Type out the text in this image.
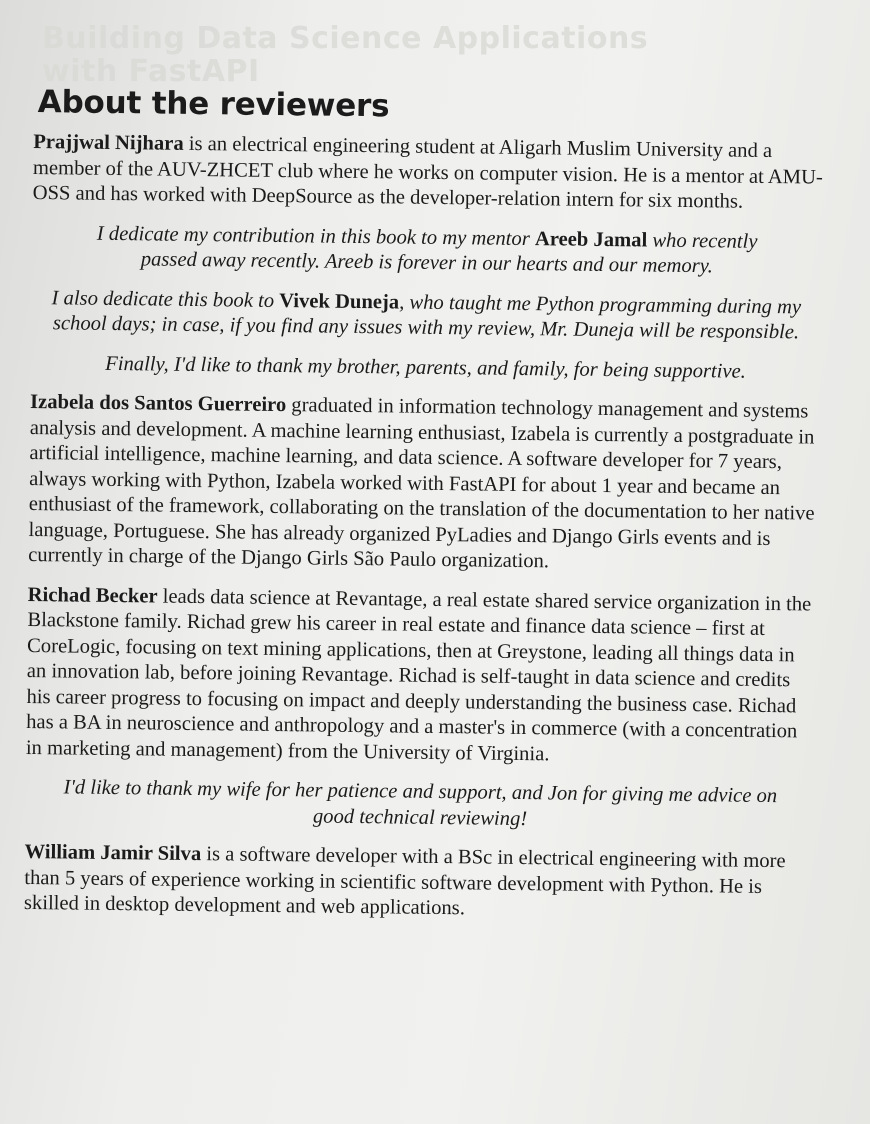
Building Data Science Applications
with FastAPI
About the reviewers

Prajjwal Nijhara is an electrical engineering student at Aligarh Muslim University and a member of the AUV-ZHCET club where he works on computer vision. He is a mentor at AMU-OSS and has worked with DeepSource as the developer-relation intern for six months.

I dedicate my contribution in this book to my mentor Areeb Jamal who recently passed away recently. Areeb is forever in our hearts and our memory.

I also dedicate this book to Vivek Duneja, who taught me Python programming during my school days; in case, if you find any issues with my review, Mr. Duneja will be responsible.

Finally, I'd like to thank my brother, parents, and family, for being supportive.

Izabela dos Santos Guerreiro graduated in information technology management and systems analysis and development. A machine learning enthusiast, Izabela is currently a postgraduate in artificial intelligence, machine learning, and data science. A software developer for 7 years, always working with Python, Izabela worked with FastAPI for about 1 year and became an enthusiast of the framework, collaborating on the translation of the documentation to her native language, Portuguese. She has already organized PyLadies and Django Girls events and is currently in charge of the Django Girls São Paulo organization.

Richad Becker leads data science at Revantage, a real estate shared service organization in the Blackstone family. Richad grew his career in real estate and finance data science – first at CoreLogic, focusing on text mining applications, then at Greystone, leading all things data in an innovation lab, before joining Revantage. Richad is self-taught in data science and credits his career progress to focusing on impact and deeply understanding the business case. Richad has a BA in neuroscience and anthropology and a master's in commerce (with a concentration in marketing and management) from the University of Virginia.

I'd like to thank my wife for her patience and support, and Jon for giving me advice on good technical reviewing!

William Jamir Silva is a software developer with a BSc in electrical engineering with more than 5 years of experience working in scientific software development with Python. He is skilled in desktop development and web applications.
